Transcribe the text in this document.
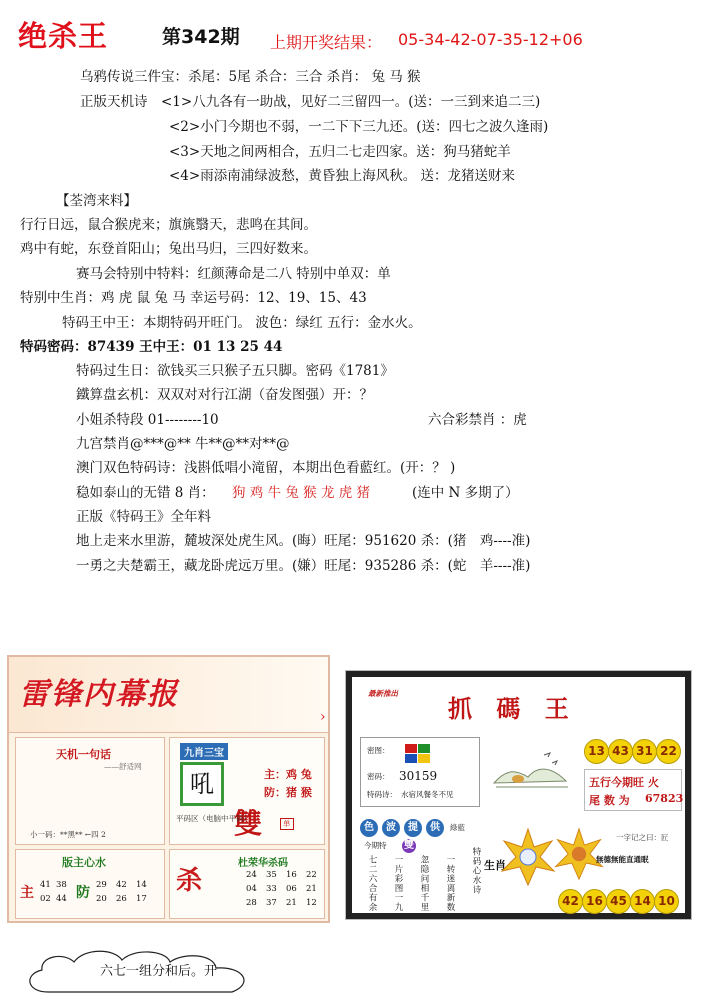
绝杀王	第342期 上期开奖结果： 05-34-42-07-35-12+06
乌鸦传说三件宝：杀尾：5尾 杀合：三合 杀肖： 兔 马 猴
正版天机诗　<1>八九各有一助战，见好二三留四一。(送：一三到来追二三)
<2>小门今期也不弱，一二下下三九还。(送：四七之波久逢雨)
<3>天地之间两相合，五归二七走四家。送：狗马猪蛇羊
<4>雨添南浦绿波愁，黄昏独上海风秋。 送：龙猪送财来
【荃湾来料】
行行日远，鼠合猴虎来；旗旐翳天，悲鸣在其间。
鸡中有蛇，东登首阳山；兔出马归，三四好数来。
赛马会特别中特料：红颜薄命是二八 特别中单双：单
特别中生肖：鸡 虎 鼠 兔 马 幸运号码：12、19、15、43
特码王中王：本期特码开旺门。 波色：绿红 五行：金水火。
特码密码：87439 王中王：01 13 25 44
特码过生日：欲钱买三只猴子五只脚。密码《1781》
鐵算盘玄机：双双对对行江湖（奋发图强）开：？
小姐杀特段 01--------10	六合彩禁肖 ：虎
九宫禁肖@***@** 牛**@**对**@
澳门双色特码诗：浅斟低唱小滝留，本期出色看藍红。(开：？ )
稳如泰山的无错 8 肖： 狗 鸡 牛 兔 猴 龙 虎 猪	(连中 N 多期了）
正版《特码王》全年料
地上走来水里游，麓坡深处虎生风。(晦）旺尾：951620 杀：(猪　鸡----准)
一勇之夫楚霸王，藏龙卧虎远万里。(嫌）旺尾：935286 杀：(蛇　羊----准)
雷锋内幕报
›
天机一句话
——舒适网
小一码：**黑** ←四 2
九肖三宝
吼	主：鸡 兔
防：猪 猴
雙	单
平码区（电脑中平码）
版主心水
主	防
41 38	29 42 14
02 44	20 26 17
杀
杜荣华杀码
24 35 16 22
04 33 06 21
28 37 21 12
六七一组分和后。开
最新推出
抓 碼 王
密图：
密码： 30159
特码诗： 水宿风餐冬不见
13 43 31 22
五行今期旺 火
尾 数 为 67823
色	波	提	供	綠藍
今期特 雙
七二六合有余 一片彩图一九 忽隐问相千里 一转迷离新数 特码心水诗 生肖
一字记之曰：匠
無德無能直通眠
42 16 45 14 10
